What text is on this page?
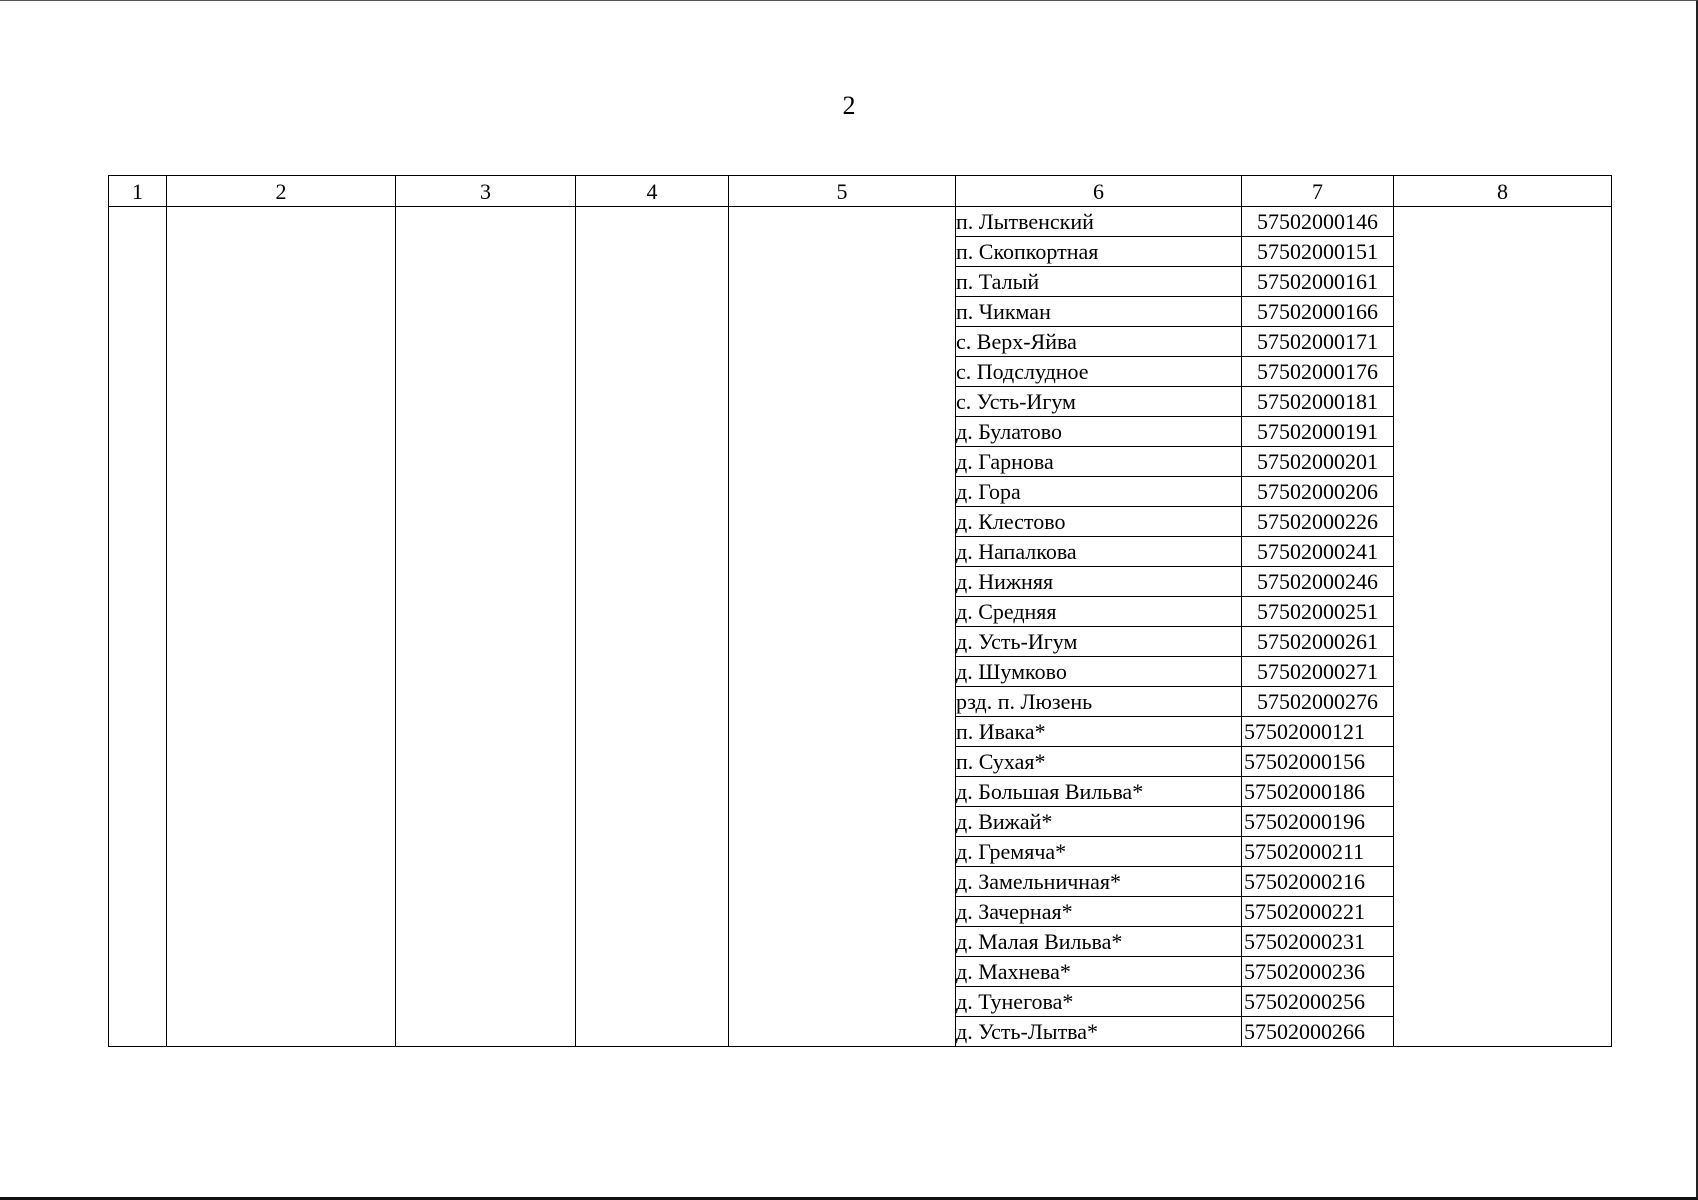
2
1	2	3	4	5	6	7	8
					п. Лытвенский	57502000146	
					п. Скопкортная	57502000151	
					п. Талый	57502000161	
					п. Чикман	57502000166	
					с. Верх-Яйва	57502000171	
					с. Подслудное	57502000176	
					с. Усть-Игум	57502000181	
					д. Булатово	57502000191	
					д. Гарнова	57502000201	
					д. Гора	57502000206	
					д. Клестово	57502000226	
					д. Напалкова	57502000241	
					д. Нижняя	57502000246	
					д. Средняя	57502000251	
					д. Усть-Игум	57502000261	
					д. Шумково	57502000271	
					рзд. п. Люзень	57502000276	
					п. Ивака*	57502000121	
					п. Сухая*	57502000156	
					д. Большая Вильва*	57502000186	
					д. Вижай*	57502000196	
					д. Гремяча*	57502000211	
					д. Замельничная*	57502000216	
					д. Зачерная*	57502000221	
					д. Малая Вильва*	57502000231	
					д. Махнева*	57502000236	
					д. Тунегова*	57502000256	
					д. Усть-Лытва*	57502000266	
